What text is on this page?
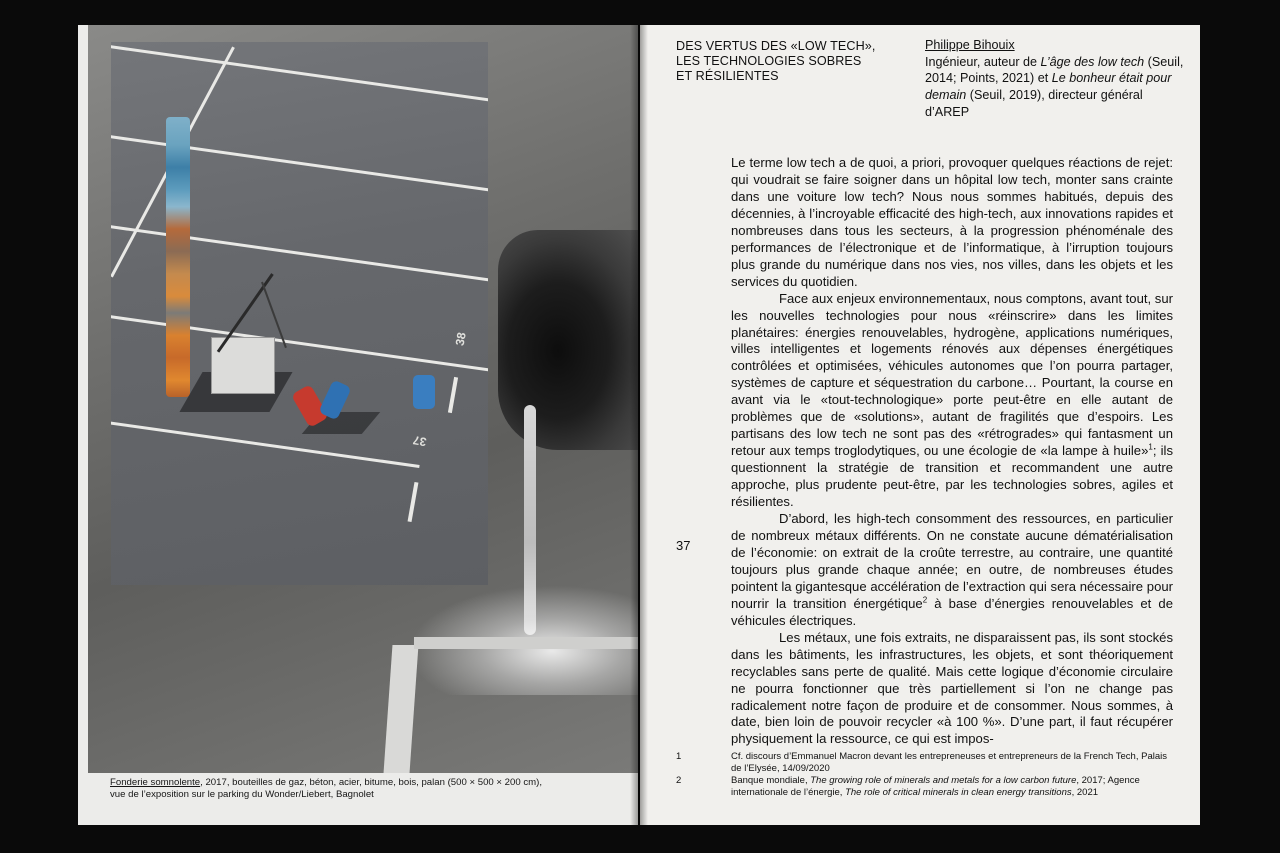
38
37
Fonderie somnolente, 2017, bouteilles de gaz, béton, acier, bitume, bois, palan (500 × 500 × 200 cm),
vue de l’exposition sur le parking du Wonder/Liebert, Bagnolet
DES VERTUS DES «LOW TECH»,
LES TECHNOLOGIES SOBRES
ET RÉSILIENTES
Philippe Bihouix
Ingénieur, auteur de L’âge des low tech (Seuil, 2014; Points, 2021) et Le bonheur était pour demain (Seuil, 2019), directeur général d’AREP
37

Le terme low tech a de quoi, a priori, provoquer quelques réactions de rejet: qui voudrait se faire soigner dans un hôpital low tech, monter sans crainte dans une voiture low tech? Nous nous sommes habitués, depuis des décennies, à l’incroyable efficacité des high-tech, aux innovations rapides et nombreuses dans tous les secteurs, à la progression phénoménale des performances de l’électronique et de l’informatique, à l’irruption toujours plus grande du numérique dans nos vies, nos villes, dans les objets et les services du quotidien.

Face aux enjeux environnementaux, nous comptons, avant tout, sur les nouvelles technologies pour nous «réinscrire» dans les limites planétaires: énergies renouvelables, hydrogène, applications numériques, villes intelligentes et logements rénovés aux dépenses énergétiques contrôlées et optimisées, véhicules autonomes que l’on pourra partager, systèmes de capture et séquestration du carbone… Pourtant, la course en avant via le «tout-technologique» porte peut-être en elle autant de problèmes que de «solutions», autant de fragilités que d’espoirs. Les partisans des low tech ne sont pas des «rétrogrades» qui fantasment un retour aux temps troglodytiques, ou une écologie de «la lampe à huile»$^1$; ils questionnent la stratégie de transition et recommandent une autre approche, plus prudente peut-être, par les technologies sobres, agiles et résilientes.

D’abord, les high-tech consomment des ressources, en particulier de nombreux métaux différents. On ne constate aucune dématérialisation de l’économie: on extrait de la croûte terrestre, au contraire, une quantité toujours plus grande chaque année; en outre, de nombreuses études pointent la gigantesque accélération de l’extraction qui sera nécessaire pour nourrir la transition énergétique$^2$ à base d’énergies renouvelables et de véhicules électriques.

Les métaux, une fois extraits, ne disparaissent pas, ils sont stockés dans les bâtiments, les infrastructures, les objets, et sont théoriquement recyclables sans perte de qualité. Mais cette logique d’économie circulaire ne pourra fonctionner que très partiellement si l’on ne change pas radicalement notre façon de produire et de consommer. Nous sommes, à date, bien loin de pouvoir recycler «à 100 %». D’une part, il faut récupérer physiquement la ressource, ce qui est impos-

1	Cf. discours d’Emmanuel Macron devant les entrepreneuses et entrepreneurs de la French Tech, Palais de l’Elysée, 14/09/2020
2	Banque mondiale, The growing role of minerals and metals for a low carbon future, 2017; Agence internationale de l’énergie, The role of critical minerals in clean energy transitions, 2021
